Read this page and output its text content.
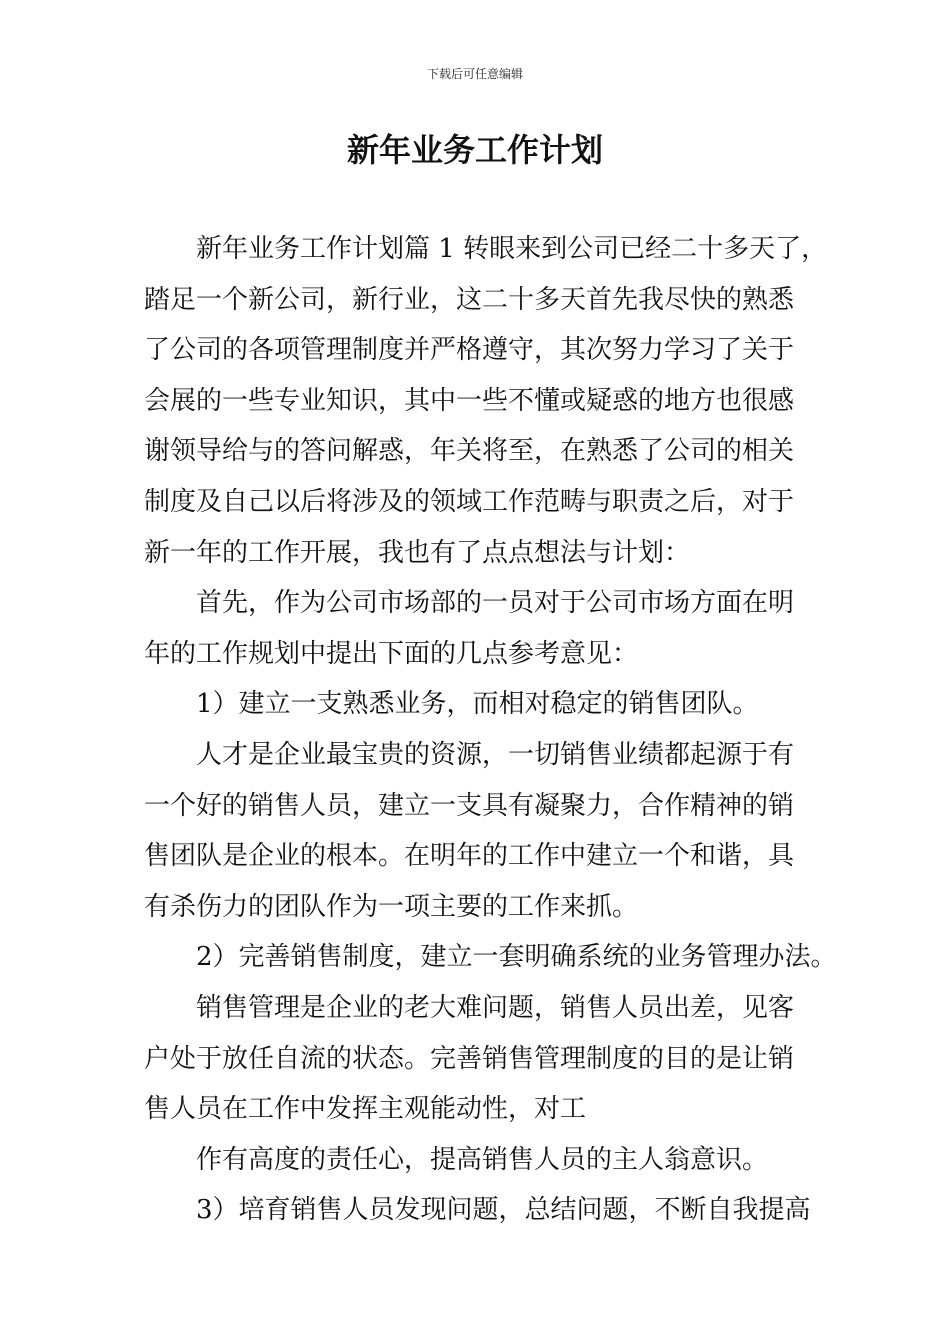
下载后可任意编辑
新年业务工作计划
新年业务工作计划篇 1 转眼来到公司已经二十多天了，
踏足一个新公司，新行业，这二十多天首先我尽快的熟悉
了公司的各项管理制度并严格遵守，其次努力学习了关于
会展的一些专业知识，其中一些不懂或疑惑的地方也很感
谢领导给与的答问解惑，年关将至，在熟悉了公司的相关
制度及自己以后将涉及的领域工作范畴与职责之后，对于
新一年的工作开展，我也有了点点想法与计划：
首先，作为公司市场部的一员对于公司市场方面在明
年的工作规划中提出下面的几点参考意见：
1）建立一支熟悉业务，而相对稳定的销售团队。
人才是企业最宝贵的资源，一切销售业绩都起源于有
一个好的销售人员，建立一支具有凝聚力，合作精神的销
售团队是企业的根本。在明年的工作中建立一个和谐，具
有杀伤力的团队作为一项主要的工作来抓。
2）完善销售制度，建立一套明确系统的业务管理办法。
销售管理是企业的老大难问题，销售人员出差，见客
户处于放任自流的状态。完善销售管理制度的目的是让销
售人员在工作中发挥主观能动性，对工
作有高度的责任心，提高销售人员的主人翁意识。
3）培育销售人员发现问题，总结问题，不断自我提高
